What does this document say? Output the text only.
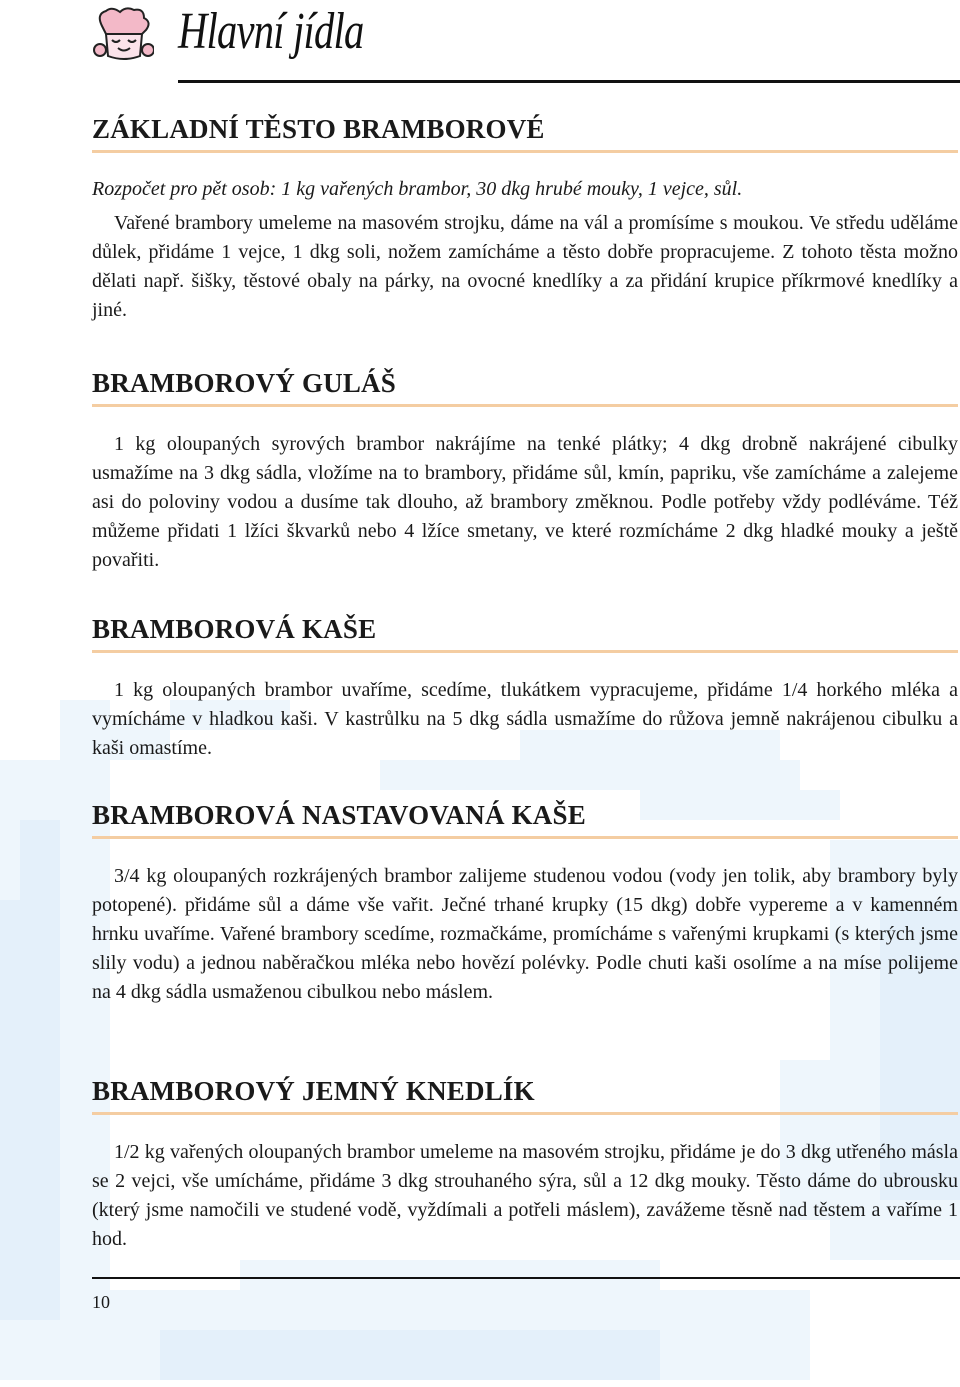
Hlavní jídla
ZÁKLADNÍ TĚSTO BRAMBOROVÉ

Rozpočet pro pět osob: 1 kg vařených brambor, 30 dkg hrubé mouky, 1 vejce, sůl.

Vařené brambory umeleme na masovém strojku, dáme na vál a promísíme s moukou. Ve středu uděláme důlek, přidáme 1 vejce, 1 dkg soli, nožem zamícháme a těsto dobře propracujeme. Z tohoto těsta možno dělati např. šišky, těstové obaly na párky, na ovocné knedlíky a za přidání krupice příkrmové knedlíky a jiné.

BRAMBOROVÝ GULÁŠ

1 kg oloupaných syrových brambor nakrájíme na tenké plátky; 4 dkg drobně nakrájené cibulky usmažíme na 3 dkg sádla, vložíme na to brambory, přidáme sůl, kmín, papriku, vše zamícháme a zalejeme asi do poloviny vodou a dusíme tak dlouho, až brambory změknou. Podle potřeby vždy podléváme. Též můžeme přidati 1 lžíci škvarků nebo 4 lžíce smetany, ve které rozmícháme 2 dkg hladké mouky a ještě povařiti.

BRAMBOROVÁ KAŠE

1 kg oloupaných brambor uvaříme, scedíme, tlukátkem vypracujeme, přidáme 1/4 horkého mléka a vymícháme v hladkou kaši. V kastrůlku na 5 dkg sádla usmažíme do růžova jemně nakrájenou cibulku a kaši omastíme.

BRAMBOROVÁ NASTAVOVANÁ KAŠE

3/4 kg oloupaných rozkrájených brambor zalijeme studenou vodou (vody jen tolik, aby brambory byly potopené). přidáme sůl a dáme vše vařit. Ječné trhané krupky (15 dkg) dobře vypereme a v kamenném hrnku uvaříme. Vařené brambory scedíme, rozmačkáme, promícháme s vařenými krupkami (s kterých jsme slily vodu) a jednou naběračkou mléka nebo hovězí polévky. Podle chuti kaši osolíme a na míse polijeme na 4 dkg sádla usmaženou cibulkou nebo máslem.

BRAMBOROVÝ JEMNÝ KNEDLÍK

1/2 kg vařených oloupaných brambor umeleme na masovém strojku, přidáme je do 3 dkg utřeného másla se 2 vejci, vše umícháme, přidáme 3 dkg strouhaného sýra, sůl a 12 dkg mouky. Těsto dáme do ubrousku (který jsme namočili ve studené vodě, vyždímali a potřeli máslem), zavážeme těsně nad těstem a vaříme 1 hod.

10
